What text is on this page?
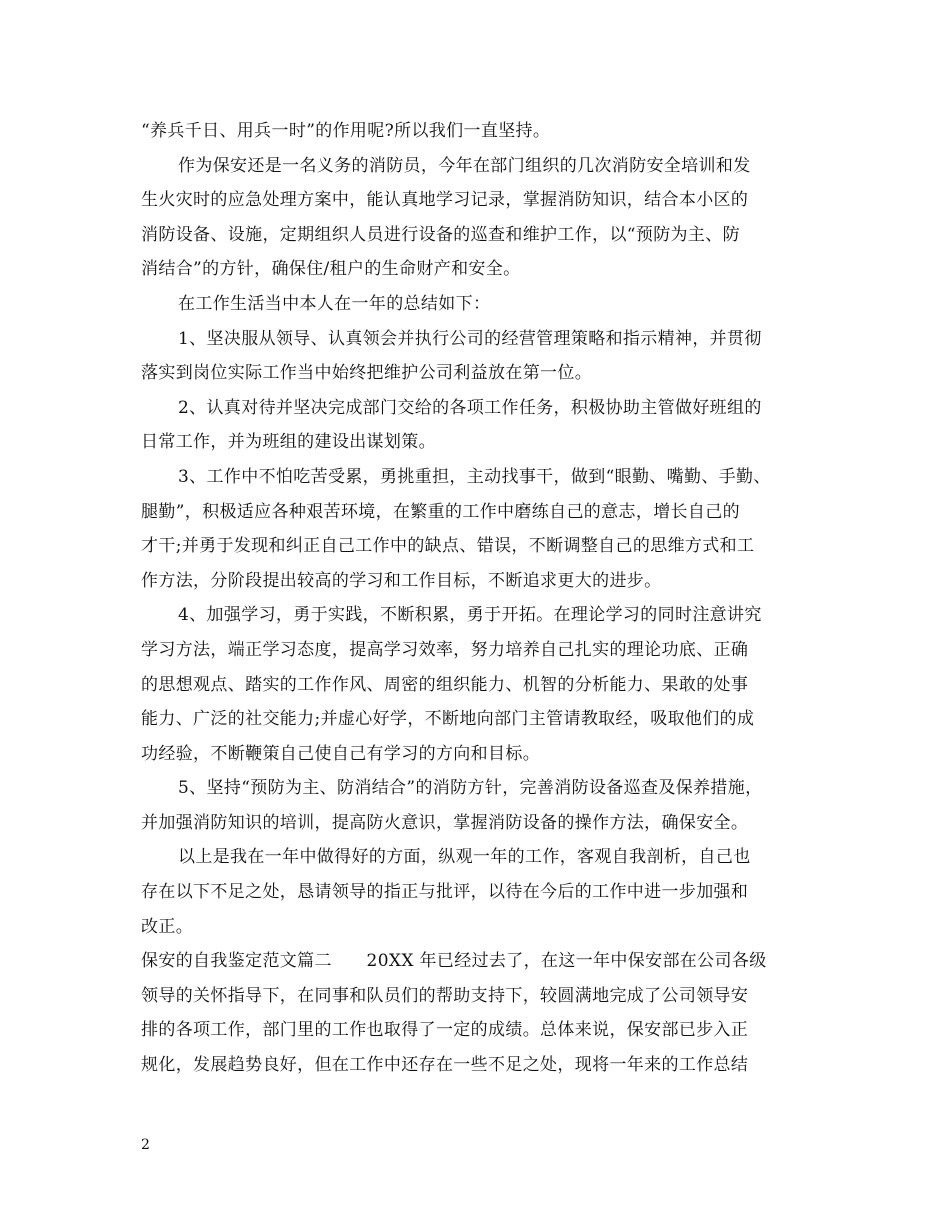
“养兵千日、用兵一时”的作用呢?所以我们一直坚持。
作为保安还是一名义务的消防员，今年在部门组织的几次消防安全培训和发
生火灾时的应急处理方案中，能认真地学习记录，掌握消防知识，结合本小区的
消防设备、设施，定期组织人员进行设备的巡查和维护工作，以“预防为主、防
消结合”的方针，确保住/租户的生命财产和安全。
在工作生活当中本人在一年的总结如下：
1、坚决服从领导、认真领会并执行公司的经营管理策略和指示精神，并贯彻
落实到岗位实际工作当中始终把维护公司利益放在第一位。
2、认真对待并坚决完成部门交给的各项工作任务，积极协助主管做好班组的
日常工作，并为班组的建设出谋划策。
3、工作中不怕吃苦受累，勇挑重担，主动找事干，做到“眼勤、嘴勤、手勤、
腿勤”，积极适应各种艰苦环境，在繁重的工作中磨练自己的意志，增长自己的
才干;并勇于发现和纠正自己工作中的缺点、错误，不断调整自己的思维方式和工
作方法，分阶段提出较高的学习和工作目标，不断追求更大的进步。
4、加强学习，勇于实践，不断积累，勇于开拓。在理论学习的同时注意讲究
学习方法，端正学习态度，提高学习效率，努力培养自己扎实的理论功底、正确
的思想观点、踏实的工作作风、周密的组织能力、机智的分析能力、果敢的处事
能力、广泛的社交能力;并虚心好学，不断地向部门主管请教取经，吸取他们的成
功经验，不断鞭策自己使自己有学习的方向和目标。
5、坚持“预防为主、防消结合”的消防方针，完善消防设备巡查及保养措施，
并加强消防知识的培训，提高防火意识，掌握消防设备的操作方法，确保安全。
以上是我在一年中做得好的方面，纵观一年的工作，客观自我剖析，自己也
存在以下不足之处，恳请领导的指正与批评，以待在今后的工作中进一步加强和
改正。
保安的自我鉴定范文篇二　　20XX 年已经过去了，在这一年中保安部在公司各级
领导的关怀指导下，在同事和队员们的帮助支持下，较圆满地完成了公司领导安
排的各项工作，部门里的工作也取得了一定的成绩。总体来说，保安部已步入正
规化，发展趋势良好，但在工作中还存在一些不足之处，现将一年来的工作总结
2
